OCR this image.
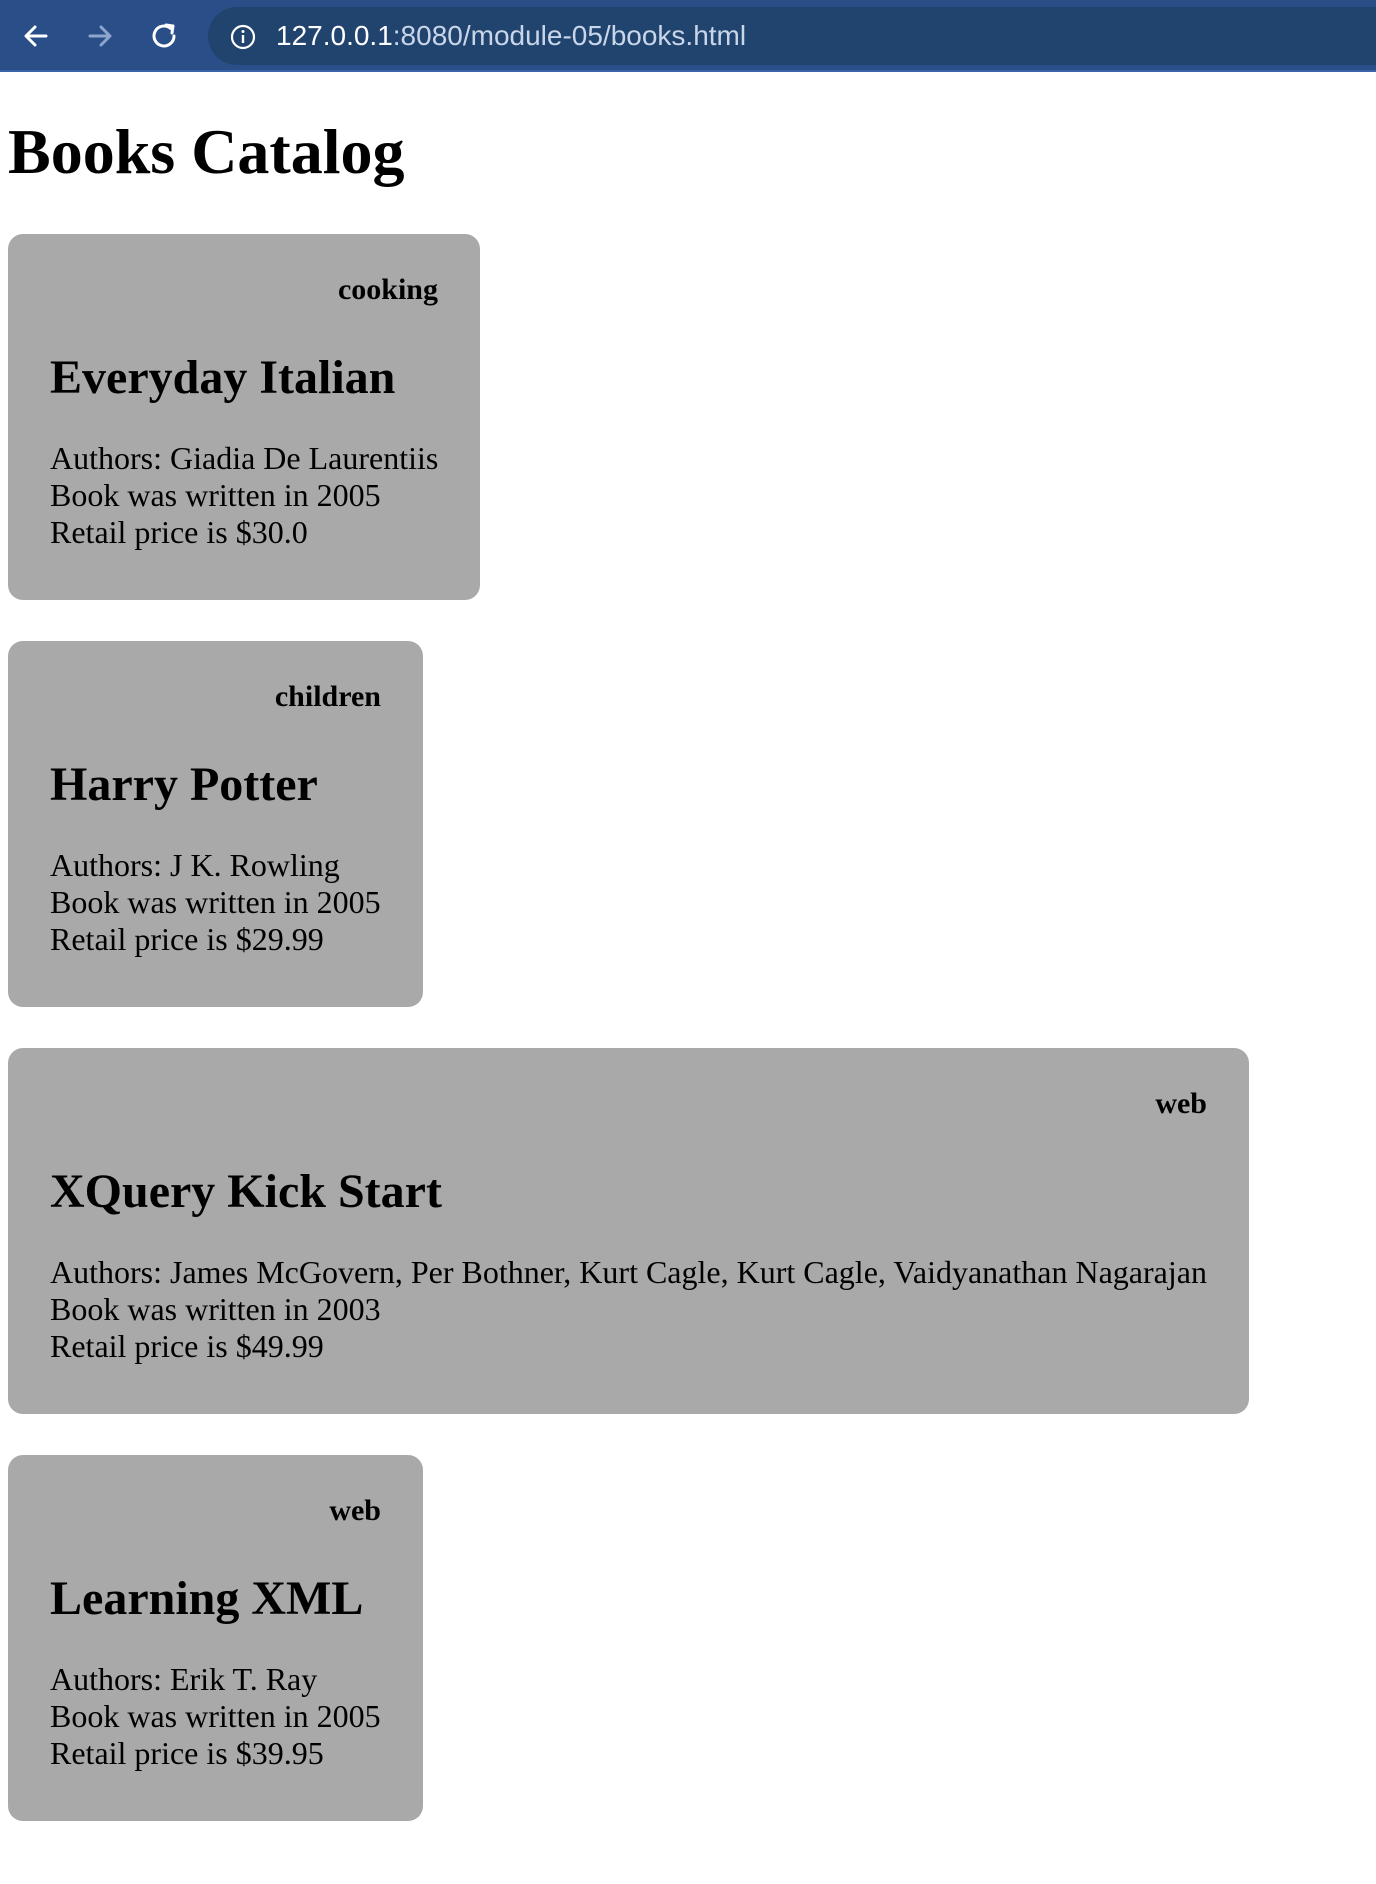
127.0.0.1:8080/module-05/books.html
Books Catalog
cooking
Everyday Italian
Authors: Giadia De Laurentiis
Book was written in 2005
Retail price is $30.0
children
Harry Potter
Authors: J K. Rowling
Book was written in 2005
Retail price is $29.99
web
XQuery Kick Start
Authors: James McGovern, Per Bothner, Kurt Cagle, Kurt Cagle, Vaidyanathan Nagarajan
Book was written in 2003
Retail price is $49.99
web
Learning XML
Authors: Erik T. Ray
Book was written in 2005
Retail price is $39.95
